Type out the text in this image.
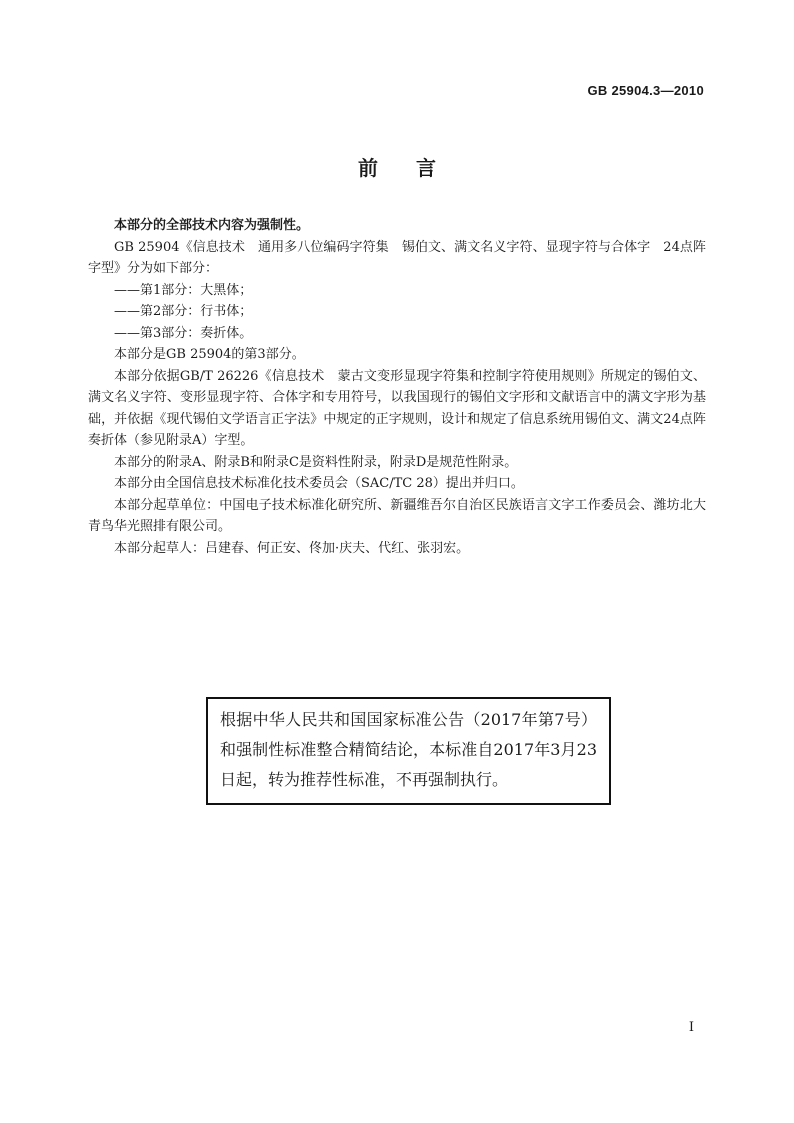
GB 25904.3—2010
前言

本部分的全部技术内容为强制性。

GB 25904《信息技术　通用多八位编码字符集　锡伯文、满文名义字符、显现字符与合体字　24点阵字型》分为如下部分：

——第1部分：大黑体；

——第2部分：行书体；

——第3部分：奏折体。

本部分是GB 25904的第3部分。

本部分依据GB/T 26226《信息技术　蒙古文变形显现字符集和控制字符使用规则》所规定的锡伯文、满文名义字符、变形显现字符、合体字和专用符号，以我国现行的锡伯文字形和文献语言中的满文字形为基础，并依据《现代锡伯文学语言正字法》中规定的正字规则，设计和规定了信息系统用锡伯文、满文24点阵奏折体（参见附录A）字型。

本部分的附录A、附录B和附录C是资料性附录，附录D是规范性附录。

本部分由全国信息技术标准化技术委员会（SAC/TC 28）提出并归口。

本部分起草单位：中国电子技术标准化研究所、新疆维吾尔自治区民族语言文字工作委员会、潍坊北大青鸟华光照排有限公司。

本部分起草人：吕建春、何正安、佟加·庆夫、代红、张羽宏。

根据中华人民共和国国家标准公告（2017年第7号）和强制性标准整合精简结论，本标准自2017年3月23日起，转为推荐性标准，不再强制执行。
I
